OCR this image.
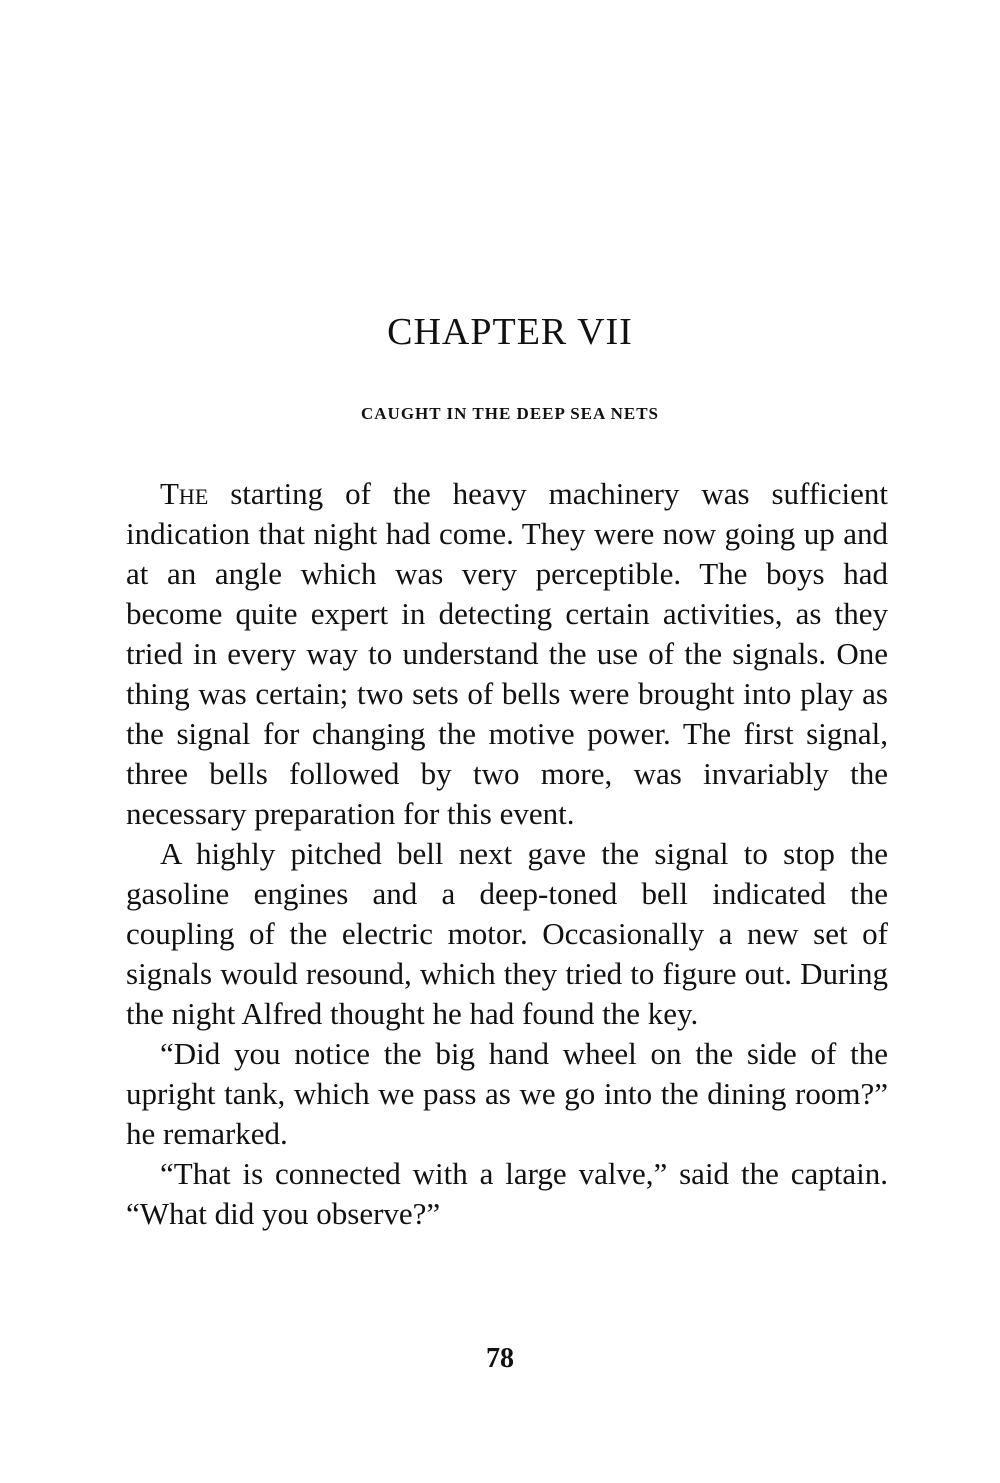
CHAPTER VII
CAUGHT IN THE DEEP SEA NETS

The starting of the heavy machinery was sufficient indication that night had come. They were now going up and at an angle which was very perceptible. The boys had become quite expert in detecting certain activities, as they tried in every way to understand the use of the signals. One thing was certain; two sets of bells were brought into play as the signal for changing the motive power. The first signal, three bells followed by two more, was invariably the necessary preparation for this event.

A highly pitched bell next gave the signal to stop the gasoline engines and a deep-toned bell indicated the coupling of the electric motor. Occasionally a new set of signals would resound, which they tried to figure out. During the night Alfred thought he had found the key.

“Did you notice the big hand wheel on the side of the upright tank, which we pass as we go into the dining room?” he remarked.

“That is connected with a large valve,” said the captain. “What did you observe?”

78
